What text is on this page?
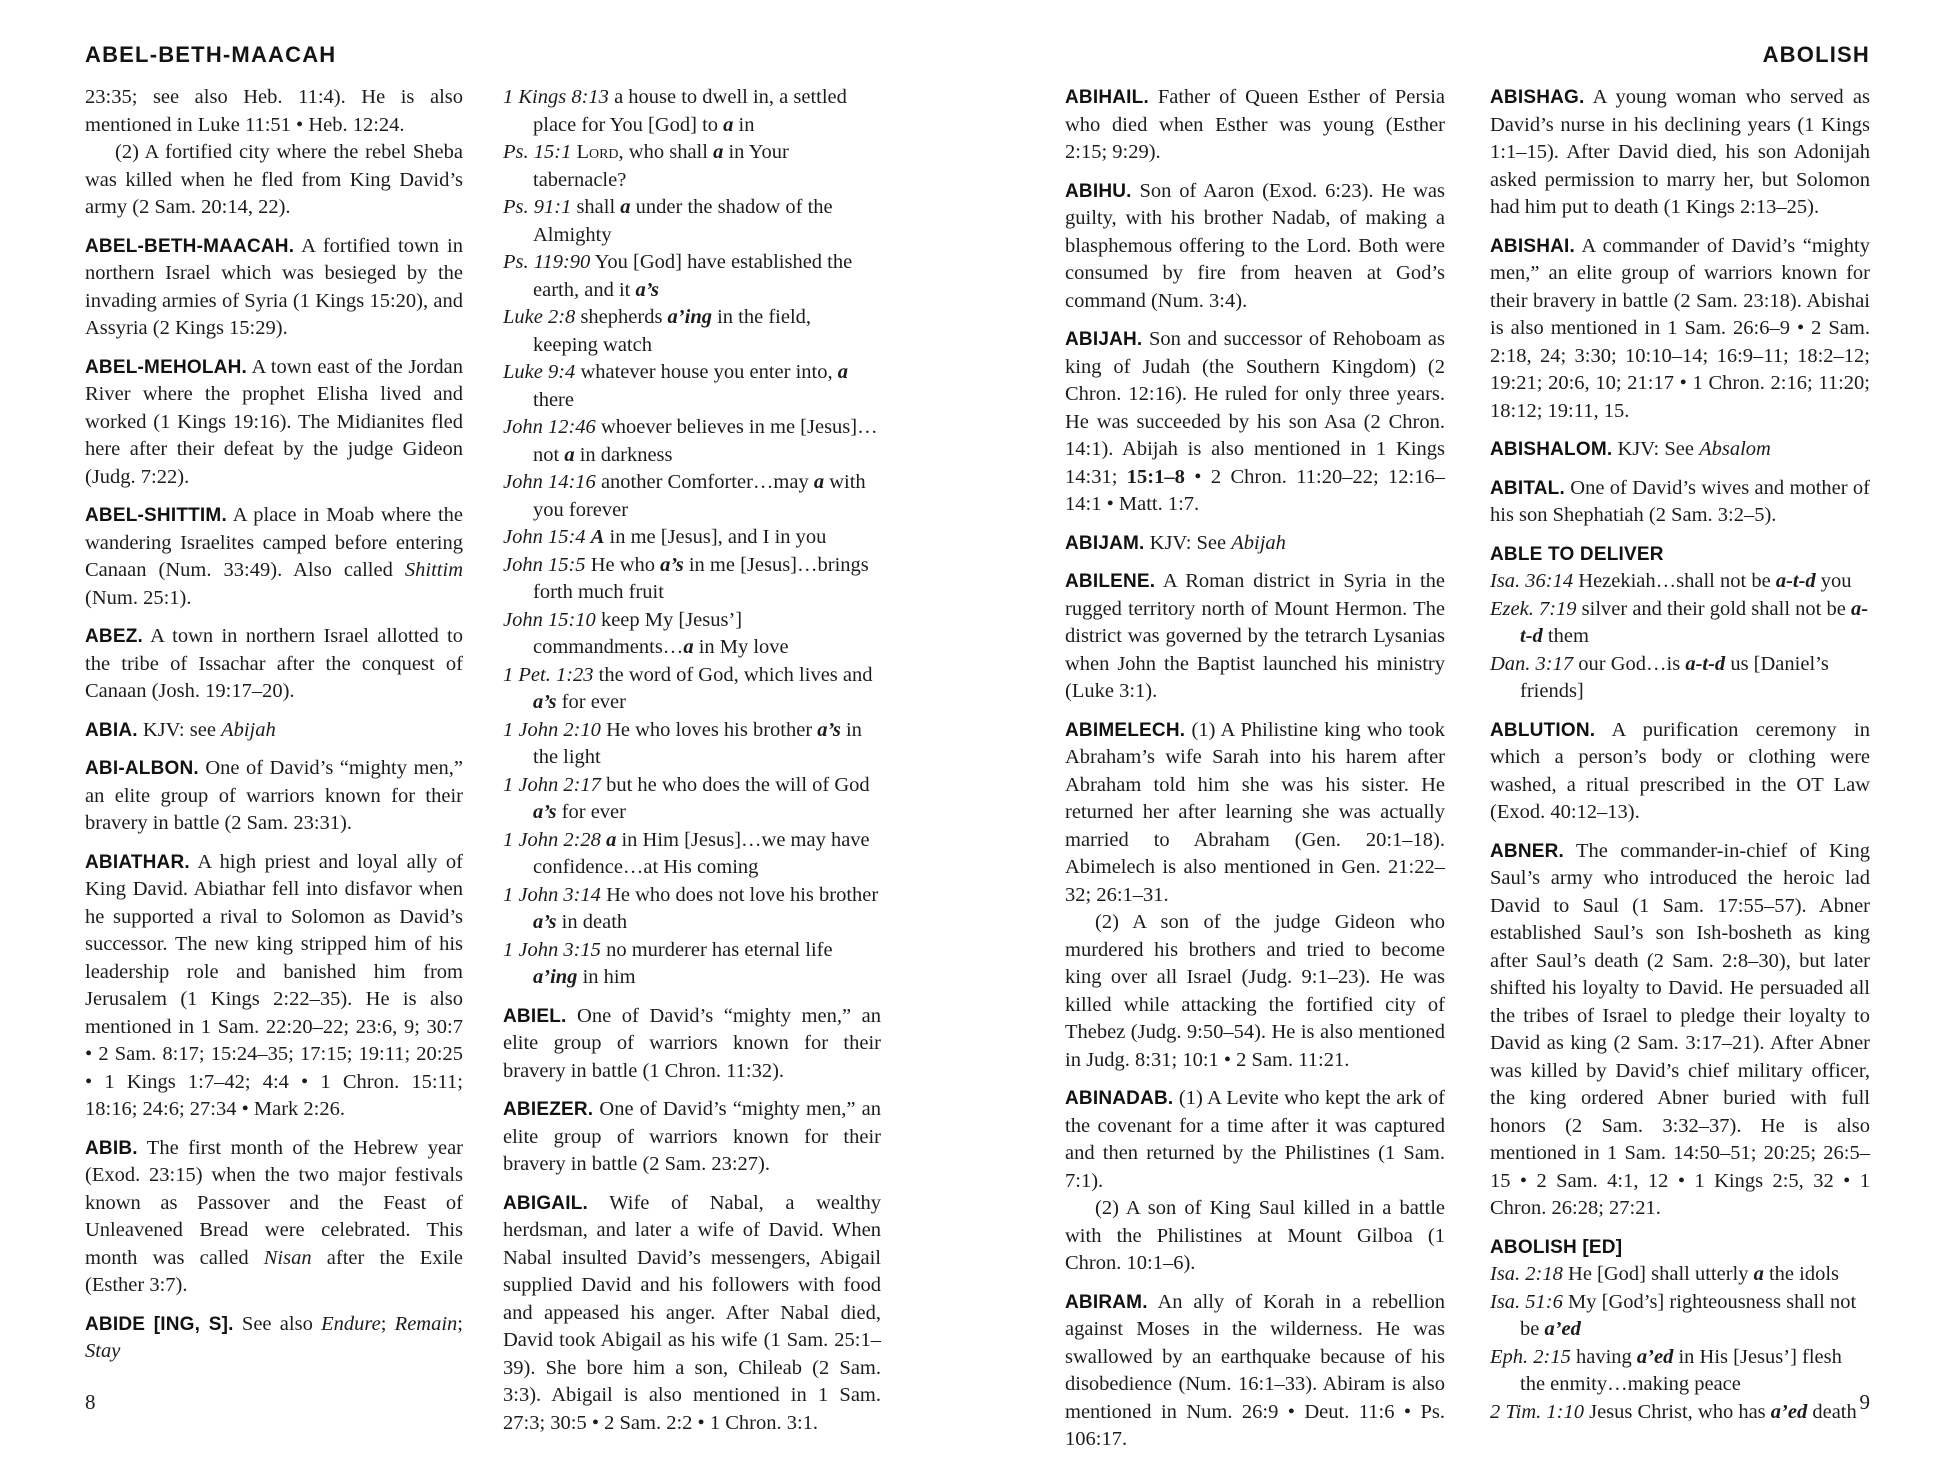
ABEL-BETH-MAACAH

23:35; see also Heb. 11:4). He is also mentioned in Luke 11:51 • Heb. 12:24.

(2) A fortified city where the rebel Sheba was killed when he fled from King David’s army (2 Sam. 20:14, 22).

ABEL-BETH-MAACAH. A fortified town in northern Israel which was besieged by the invading armies of Syria (1 Kings 15:20), and Assyria (2 Kings 15:29).

ABEL-MEHOLAH. A town east of the Jordan River where the prophet Elisha lived and worked (1 Kings 19:16). The Midianites fled here after their defeat by the judge Gideon (Judg. 7:22).

ABEL-SHITTIM. A place in Moab where the wandering Israelites camped before entering Canaan (Num. 33:49). Also called Shittim (Num. 25:1).

ABEZ. A town in northern Israel allotted to the tribe of Issachar after the conquest of Canaan (Josh. 19:17–20).

ABIA. KJV: see Abijah

ABI-ALBON. One of David’s “mighty men,” an elite group of warriors known for their bravery in battle (2 Sam. 23:31).

ABIATHAR. A high priest and loyal ally of King David. Abiathar fell into disfavor when he supported a rival to Solomon as David’s successor. The new king stripped him of his leadership role and banished him from Jerusalem (1 Kings 2:22–35). He is also mentioned in 1 Sam. 22:20–22; 23:6, 9; 30:7 • 2 Sam. 8:17; 15:24–35; 17:15; 19:11; 20:25 • 1 Kings 1:7–42; 4:4 • 1 Chron. 15:11; 18:16; 24:6; 27:34 • Mark 2:26.

ABIB. The first month of the Hebrew year (Exod. 23:15) when the two major festivals known as Passover and the Feast of Unleavened Bread were celebrated. This month was called Nisan after the Exile (Esther 3:7).

ABIDE [ING, S]. See also Endure; Remain; Stay

1 Kings 8:13 a house to dwell in, a settled place for You [God] to a in

Ps. 15:1 Lord, who shall a in Your tabernacle?

Ps. 91:1 shall a under the shadow of the Almighty

Ps. 119:90 You [God] have established the earth, and it a’s

Luke 2:8 shepherds a’ing in the field, keeping watch

Luke 9:4 whatever house you enter into, a there

John 12:46 whoever believes in me [Jesus]…not a in darkness

John 14:16 another Comforter…may a with you forever

John 15:4 A in me [Jesus], and I in you

John 15:5 He who a’s in me [Jesus]…brings forth much fruit

John 15:10 keep My [Jesus’] commandments…a in My love

1 Pet. 1:23 the word of God, which lives and a’s for ever

1 John 2:10 He who loves his brother a’s in the light

1 John 2:17 but he who does the will of God a’s for ever

1 John 2:28 a in Him [Jesus]…we may have confidence…at His coming

1 John 3:14 He who does not love his brother a’s in death

1 John 3:15 no murderer has eternal life a’ing in him

ABIEL. One of David’s “mighty men,” an elite group of warriors known for their bravery in battle (1 Chron. 11:32).

ABIEZER. One of David’s “mighty men,” an elite group of warriors known for their bravery in battle (2 Sam. 23:27).

ABIGAIL. Wife of Nabal, a wealthy herdsman, and later a wife of David. When Nabal insulted David’s messengers, Abigail supplied David and his followers with food and appeased his anger. After Nabal died, David took Abigail as his wife (1 Sam. 25:1–39). She bore him a son, Chileab (2 Sam. 3:3). Abigail is also mentioned in 1 Sam. 27:3; 30:5 • 2 Sam. 2:2 • 1 Chron. 3:1.

8
ABOLISH

ABIHAIL. Father of Queen Esther of Persia who died when Esther was young (Esther 2:15; 9:29).

ABIHU. Son of Aaron (Exod. 6:23). He was guilty, with his brother Nadab, of making a blasphemous offering to the Lord. Both were consumed by fire from heaven at God’s command (Num. 3:4).

ABIJAH. Son and successor of Rehoboam as king of Judah (the Southern Kingdom) (2 Chron. 12:16). He ruled for only three years. He was succeeded by his son Asa (2 Chron. 14:1). Abijah is also mentioned in 1 Kings 14:31; 15:1–8 • 2 Chron. 11:20–22; 12:16–14:1 • Matt. 1:7.

ABIJAM. KJV: See Abijah

ABILENE. A Roman district in Syria in the rugged territory north of Mount Hermon. The district was governed by the tetrarch Lysanias when John the Baptist launched his ministry (Luke 3:1).

ABIMELECH. (1) A Philistine king who took Abraham’s wife Sarah into his harem after Abraham told him she was his sister. He returned her after learning she was actually married to Abraham (Gen. 20:1–18). Abimelech is also mentioned in Gen. 21:22–32; 26:1–31.

(2) A son of the judge Gideon who murdered his brothers and tried to become king over all Israel (Judg. 9:1–23). He was killed while attacking the fortified city of Thebez (Judg. 9:50–54). He is also mentioned in Judg. 8:31; 10:1 • 2 Sam. 11:21.

ABINADAB. (1) A Levite who kept the ark of the covenant for a time after it was captured and then returned by the Philistines (1 Sam. 7:1).

(2) A son of King Saul killed in a battle with the Philistines at Mount Gilboa (1 Chron. 10:1–6).

ABIRAM. An ally of Korah in a rebellion against Moses in the wilderness. He was swallowed by an earthquake because of his disobedience (Num. 16:1–33). Abiram is also mentioned in Num. 26:9 • Deut. 11:6 • Ps. 106:17.

ABISHAG. A young woman who served as David’s nurse in his declining years (1 Kings 1:1–15). After David died, his son Adonijah asked permission to marry her, but Solomon had him put to death (1 Kings 2:13–25).

ABISHAI. A commander of David’s “mighty men,” an elite group of warriors known for their bravery in battle (2 Sam. 23:18). Abishai is also mentioned in 1 Sam. 26:6–9 • 2 Sam. 2:18, 24; 3:30; 10:10–14; 16:9–11; 18:2–12; 19:21; 20:6, 10; 21:17 • 1 Chron. 2:16; 11:20; 18:12; 19:11, 15.

ABISHALOM. KJV: See Absalom

ABITAL. One of David’s wives and mother of his son Shephatiah (2 Sam. 3:2–5).

ABLE TO DELIVER

Isa. 36:14 Hezekiah…shall not be a-t-d you

Ezek. 7:19 silver and their gold shall not be a-t-d them

Dan. 3:17 our God…is a-t-d us [Daniel’s friends]

ABLUTION. A purification ceremony in which a person’s body or clothing were washed, a ritual prescribed in the OT Law (Exod. 40:12–13).

ABNER. The commander-in-chief of King Saul’s army who introduced the heroic lad David to Saul (1 Sam. 17:55–57). Abner established Saul’s son Ish-bosheth as king after Saul’s death (2 Sam. 2:8–30), but later shifted his loyalty to David. He persuaded all the tribes of Israel to pledge their loyalty to David as king (2 Sam. 3:17–21). After Abner was killed by David’s chief military officer, the king ordered Abner buried with full honors (2 Sam. 3:32–37). He is also mentioned in 1 Sam. 14:50–51; 20:25; 26:5–15 • 2 Sam. 4:1, 12 • 1 Kings 2:5, 32 • 1 Chron. 26:28; 27:21.

ABOLISH [ED]

Isa. 2:18 He [God] shall utterly a the idols

Isa. 51:6 My [God’s] righteousness shall not be a’ed

Eph. 2:15 having a’ed in His [Jesus’] flesh the enmity…making peace

2 Tim. 1:10 Jesus Christ, who has a’ed death 9
